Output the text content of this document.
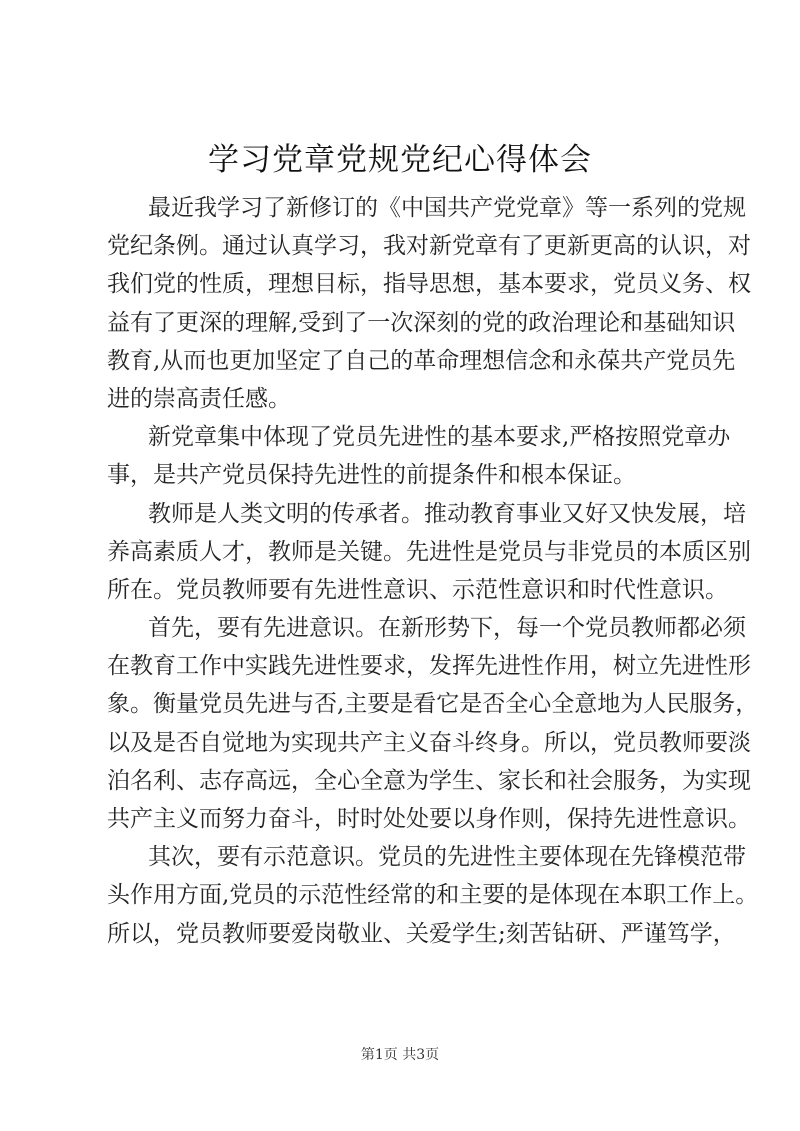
学习党章党规党纪心得体会
最近我学习了新修订的《中国共产党党章》等一系列的党规
党纪条例。通过认真学习，我对新党章有了更新更高的认识，对
我们党的性质，理想目标，指导思想，基本要求，党员义务、权
益有了更深的理解,受到了一次深刻的党的政治理论和基础知识
教育,从而也更加坚定了自己的革命理想信念和永葆共产党员先
进的崇高责任感。
新党章集中体现了党员先进性的基本要求,严格按照党章办
事，是共产党员保持先进性的前提条件和根本保证。
教师是人类文明的传承者。推动教育事业又好又快发展，培
养高素质人才，教师是关键。先进性是党员与非党员的本质区别
所在。党员教师要有先进性意识、示范性意识和时代性意识。
首先，要有先进意识。在新形势下，每一个党员教师都必须
在教育工作中实践先进性要求，发挥先进性作用，树立先进性形
象。衡量党员先进与否,主要是看它是否全心全意地为人民服务，
以及是否自觉地为实现共产主义奋斗终身。所以，党员教师要淡
泊名利、志存高远，全心全意为学生、家长和社会服务，为实现
共产主义而努力奋斗，时时处处要以身作则，保持先进性意识。
其次，要有示范意识。党员的先进性主要体现在先锋模范带
头作用方面,党员的示范性经常的和主要的是体现在本职工作上。
所以，党员教师要爱岗敬业、关爱学生;刻苦钻研、严谨笃学，
第1页 共3页
